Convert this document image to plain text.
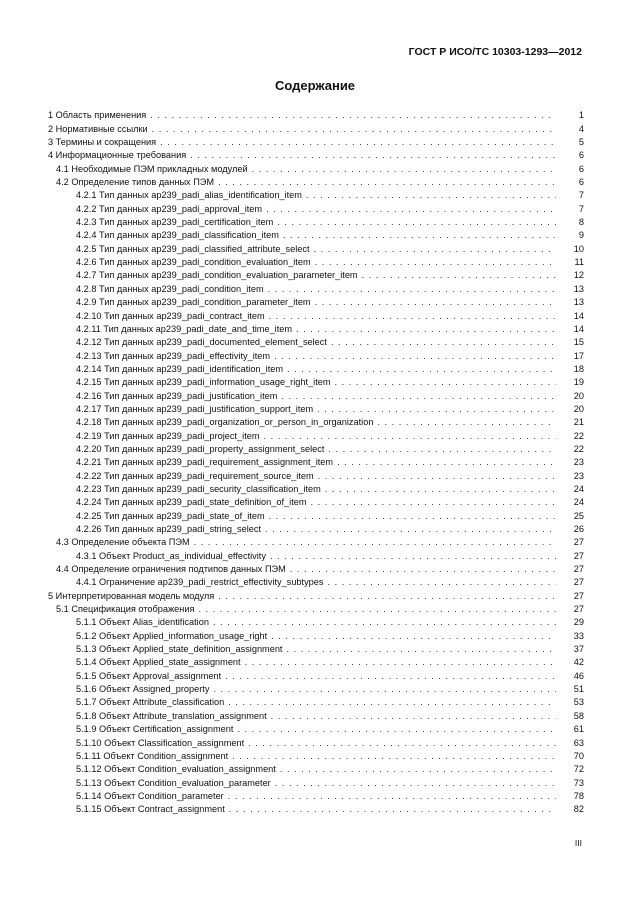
ГОСТ Р ИСО/ТС 10303-1293—2012
Содержание
1 Область применения . . .	1
2 Нормативные ссылки . . .	4
3 Термины и сокращения . . .	5
4 Информационные требования . . .	6
4.1 Необходимые ПЭМ прикладных модулей . . .	6
4.2 Определение типов данных ПЭМ . . .	6
4.2.1 Тип данных ap239_padi_alias_identification_item . . .	7
4.2.2 Тип данных ap239_padi_approval_item . . .	7
4.2.3 Тип данных ap239_padi_certification_item . . .	8
4.2.4 Тип данных ap239_padi_classification_item . . .	9
4.2.5 Тип данных ap239_padi_classified_attribute_select . . .	10
4.2.6 Тип данных ap239_padi_condition_evaluation_item . . .	11
4.2.7 Тип данных ap239_padi_condition_evaluation_parameter_item . . .	12
4.2.8 Тип данных ap239_padi_condition_item . . .	13
4.2.9 Тип данных ap239_padi_condition_parameter_item . . .	13
4.2.10 Тип данных ap239_padi_contract_item . . .	14
4.2.11 Тип данных ap239_padi_date_and_time_item . . .	14
4.2.12 Тип данных ap239_padi_documented_element_select . . .	15
4.2.13 Тип данных ap239_padi_effectivity_item . . .	17
4.2.14 Тип данных ap239_padi_identification_item . . .	18
4.2.15 Тип данных ap239_padi_information_usage_right_item . . .	19
4.2.16 Тип данных ap239_padi_justification_item . . .	20
4.2.17 Тип данных ap239_padi_justification_support_item . . .	20
4.2.18 Тип данных ap239_padi_organization_or_person_in_organization . . .	21
4.2.19 Тип данных ap239_padi_project_item . . .	22
4.2.20 Тип данных ap239_padi_property_assignment_select . . .	22
4.2.21 Тип данных ap239_padi_requirement_assignment_item . . .	23
4.2.22 Тип данных ap239_padi_requirement_source_item . . .	23
4.2.23 Тип данных ap239_padi_security_classification_item . . .	24
4.2.24 Тип данных ap239_padi_state_definition_of_item . . .	24
4.2.25 Тип данных ap239_padi_state_of_item . . .	25
4.2.26 Тип данных ap239_padi_string_select . . .	26
4.3 Определение объекта ПЭМ . . .	27
4.3.1 Объект Product_as_individual_effectivity . . .	27
4.4 Определение ограничения подтипов данных ПЭМ . . .	27
4.4.1 Ограничение ap239_padi_restrict_effectivity_subtypes . . .	27
5 Интерпретированная модель модуля . . .	27
5.1 Спецификация отображения . . .	27
5.1.1 Объект Alias_identification . . .	29
5.1.2 Объект Applied_information_usage_right . . .	33
5.1.3 Объект Applied_state_definition_assignment . . .	37
5.1.4 Объект Applied_state_assignment . . .	42
5.1.5 Объект Approval_assignment . . .	46
5.1.6 Объект Assigned_property . . .	51
5.1.7 Объект Attribute_classification . . .	53
5.1.8 Объект Attribute_translation_assignment . . .	58
5.1.9 Объект Certification_assignment . . .	61
5.1.10 Объект Classification_assignment . . .	63
5.1.11 Объект Condition_assignment . . .	70
5.1.12 Объект Condition_evaluation_assignment . . .	72
5.1.13 Объект Condition_evaluation_parameter . . .	73
5.1.14 Объект Condition_parameter . . .	78
5.1.15 Объект Contract_assignment . . .	82
III
